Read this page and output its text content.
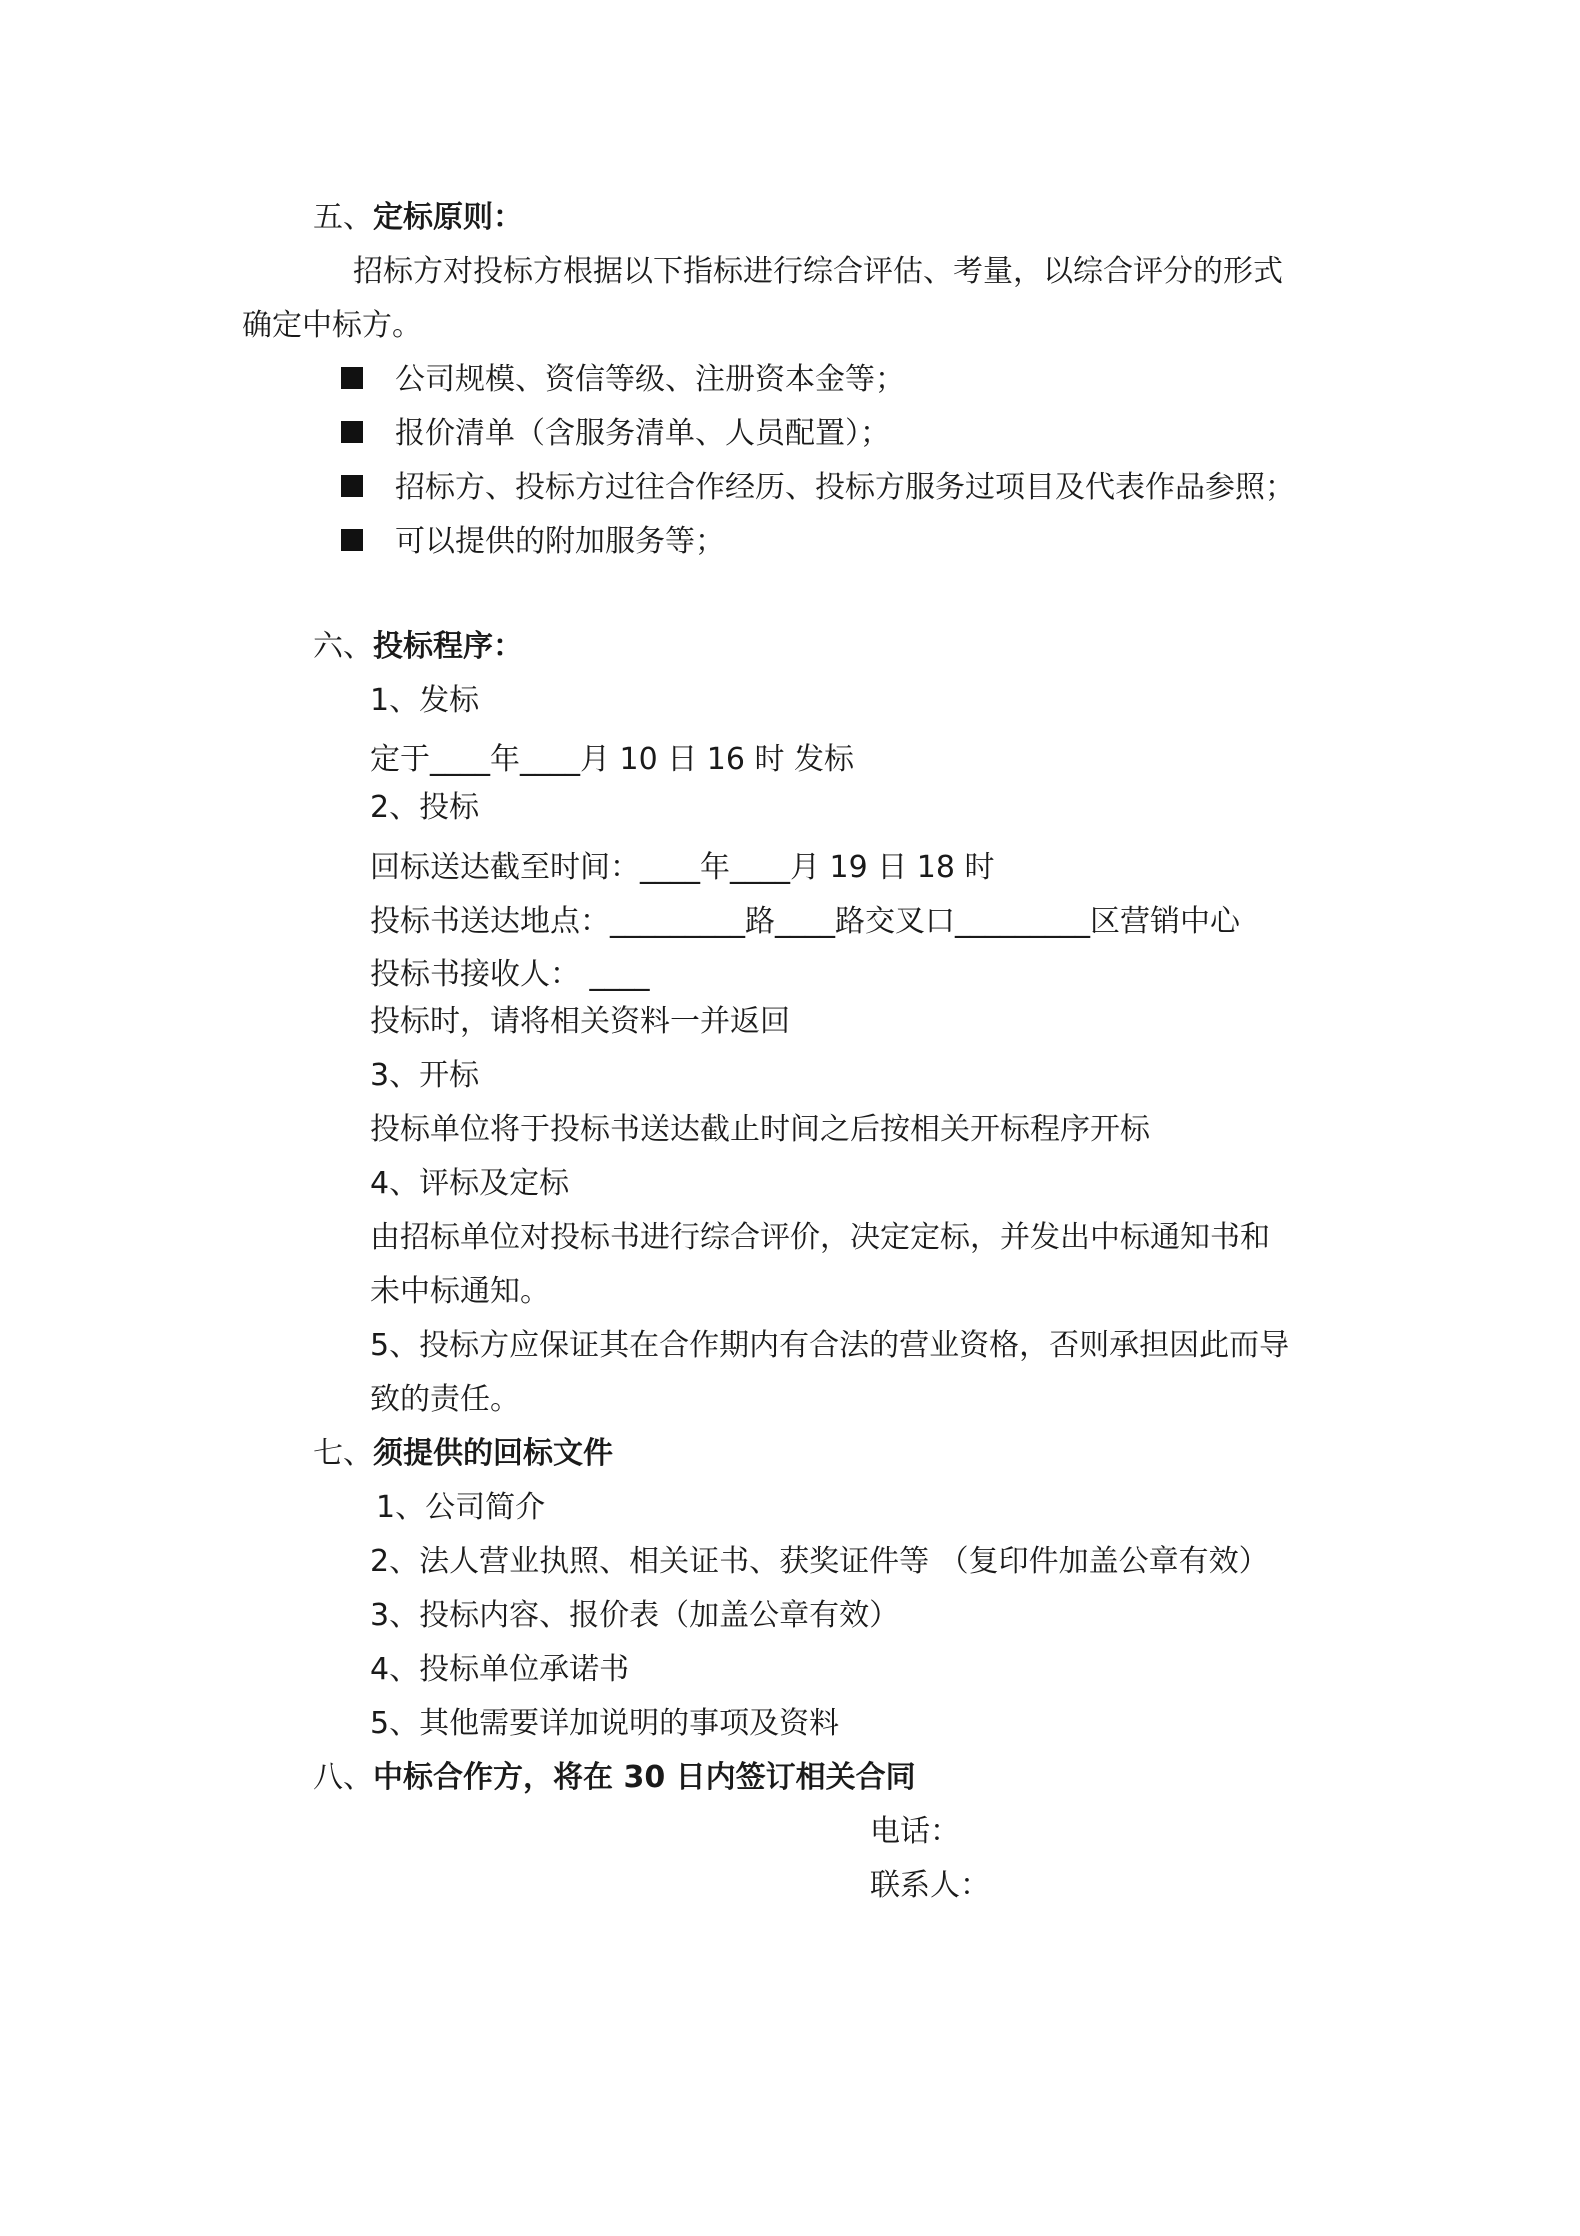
五、定标原则：
招标方对投标方根据以下指标进行综合评估、考量，以综合评分的形式
确定中标方。
公司规模、资信等级、注册资本金等；
报价清单（含服务清单、人员配置）；
招标方、投标方过往合作经历、投标方服务过项目及代表作品参照；
可以提供的附加服务等；
六、投标程序：
1、发标
定于____年____月 10 日 16 时 发标
2、投标
回标送达截至时间：____年____月 19 日 18 时
投标书送达地点：_________路____路交叉口_________区营销中心
投标书接收人： ____
投标时，请将相关资料一并返回
3、开标
投标单位将于投标书送达截止时间之后按相关开标程序开标
4、评标及定标
由招标单位对投标书进行综合评价，决定定标，并发出中标通知书和
未中标通知。
5、投标方应保证其在合作期内有合法的营业资格，否则承担因此而导
致的责任。
七、须提供的回标文件
1、公司简介
2、法人营业执照、相关证书、获奖证件等 （复印件加盖公章有效）
3、投标内容、报价表（加盖公章有效）
4、投标单位承诺书
5、其他需要详加说明的事项及资料
八、中标合作方，将在 30 日内签订相关合同
电话：
联系人：
